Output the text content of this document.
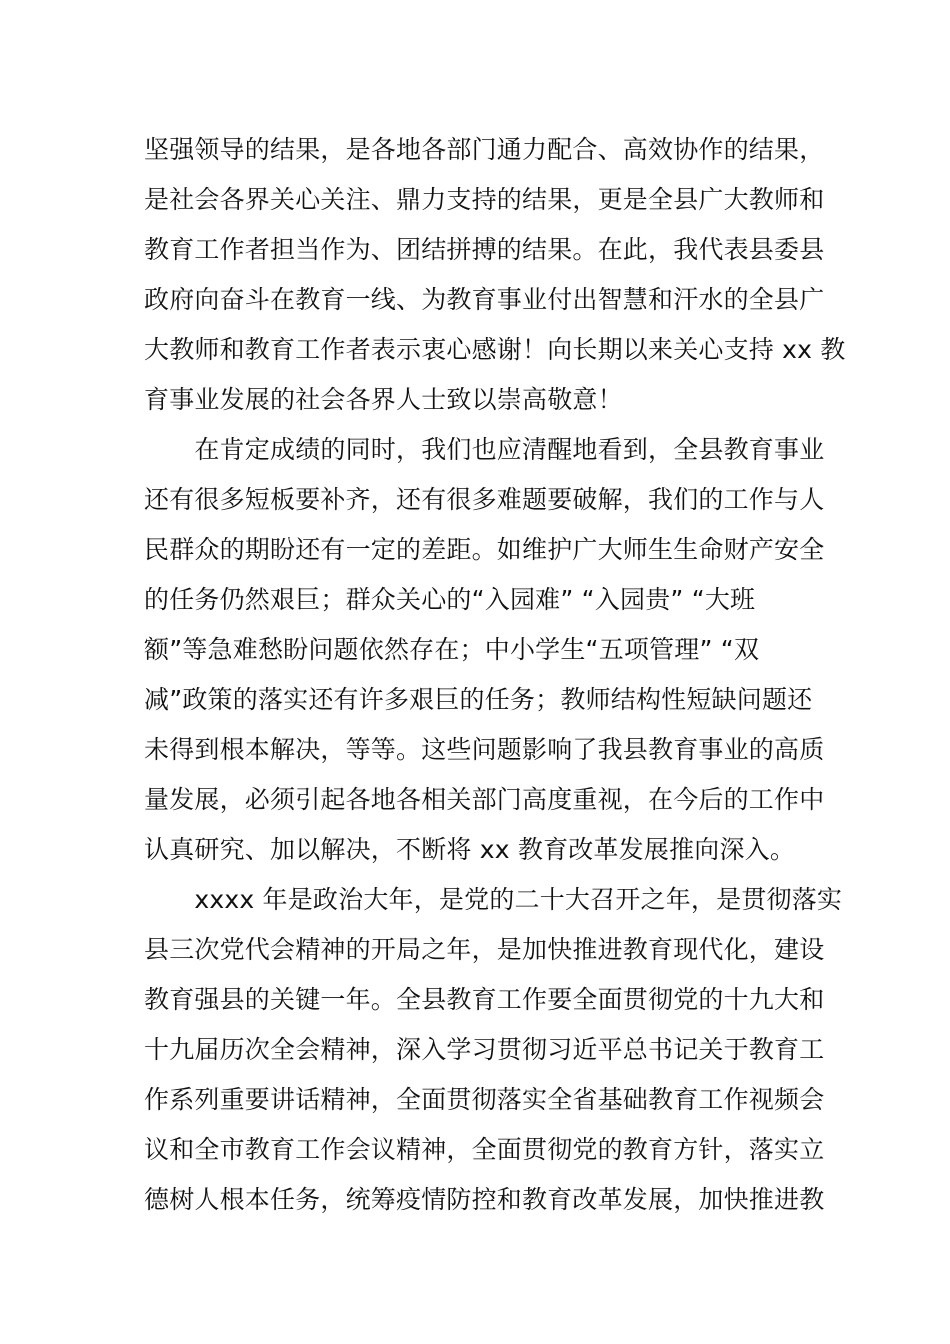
坚强领导的结果，是各地各部门通力配合、高效协作的结果，
是社会各界关心关注、鼎力支持的结果，更是全县广大教师和
教育工作者担当作为、团结拼搏的结果。在此，我代表县委县
政府向奋斗在教育一线、为教育事业付出智慧和汗水的全县广
大教师和教育工作者表示衷心感谢！向长期以来关心支持 xx 教
育事业发展的社会各界人士致以崇高敬意！
　　在肯定成绩的同时，我们也应清醒地看到，全县教育事业
还有很多短板要补齐，还有很多难题要破解，我们的工作与人
民群众的期盼还有一定的差距。如维护广大师生生命财产安全
的任务仍然艰巨；群众关心的“入园难” “入园贵” “大班
额”等急难愁盼问题依然存在；中小学生“五项管理” “双
减”政策的落实还有许多艰巨的任务；教师结构性短缺问题还
未得到根本解决，等等。这些问题影响了我县教育事业的高质
量发展，必须引起各地各相关部门高度重视，在今后的工作中
认真研究、加以解决，不断将 xx 教育改革发展推向深入。
　　xxxx 年是政治大年，是党的二十大召开之年，是贯彻落实
县三次党代会精神的开局之年，是加快推进教育现代化，建设
教育强县的关键一年。全县教育工作要全面贯彻党的十九大和
十九届历次全会精神，深入学习贯彻习近平总书记关于教育工
作系列重要讲话精神，全面贯彻落实全省基础教育工作视频会
议和全市教育工作会议精神，全面贯彻党的教育方针，落实立
德树人根本任务，统筹疫情防控和教育改革发展，加快推进教
